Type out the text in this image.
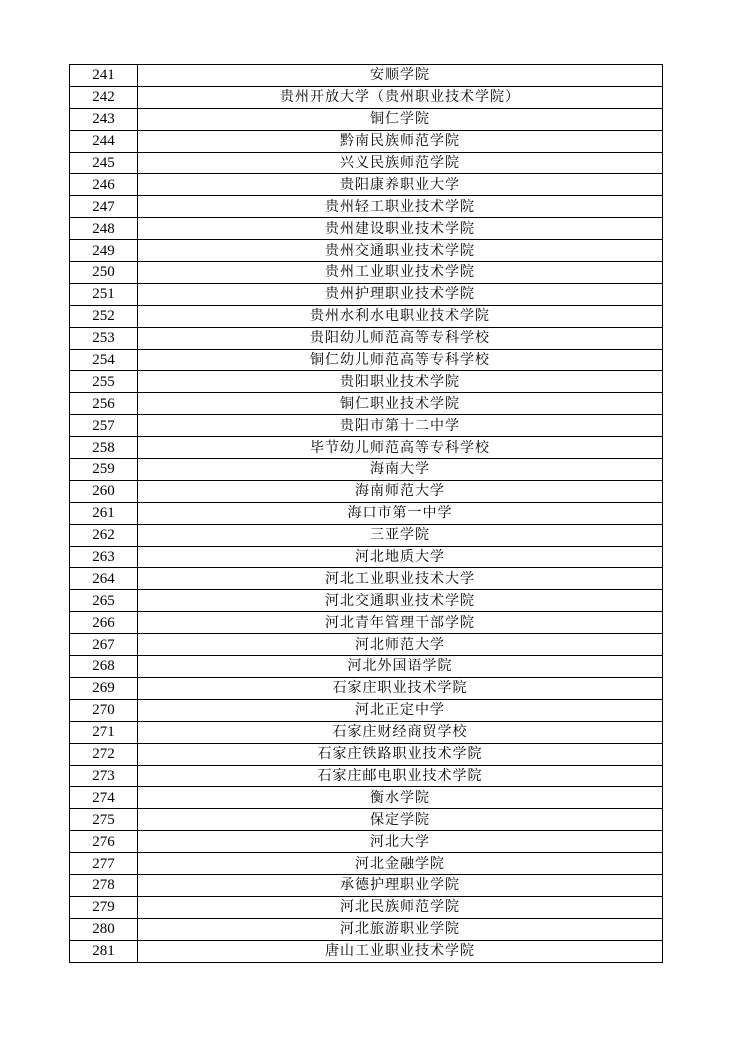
241	安顺学院
242	贵州开放大学（贵州职业技术学院）
243	铜仁学院
244	黔南民族师范学院
245	兴义民族师范学院
246	贵阳康养职业大学
247	贵州轻工职业技术学院
248	贵州建设职业技术学院
249	贵州交通职业技术学院
250	贵州工业职业技术学院
251	贵州护理职业技术学院
252	贵州水利水电职业技术学院
253	贵阳幼儿师范高等专科学校
254	铜仁幼儿师范高等专科学校
255	贵阳职业技术学院
256	铜仁职业技术学院
257	贵阳市第十二中学
258	毕节幼儿师范高等专科学校
259	海南大学
260	海南师范大学
261	海口市第一中学
262	三亚学院
263	河北地质大学
264	河北工业职业技术大学
265	河北交通职业技术学院
266	河北青年管理干部学院
267	河北师范大学
268	河北外国语学院
269	石家庄职业技术学院
270	河北正定中学
271	石家庄财经商贸学校
272	石家庄铁路职业技术学院
273	石家庄邮电职业技术学院
274	衡水学院
275	保定学院
276	河北大学
277	河北金融学院
278	承德护理职业学院
279	河北民族师范学院
280	河北旅游职业学院
281	唐山工业职业技术学院
